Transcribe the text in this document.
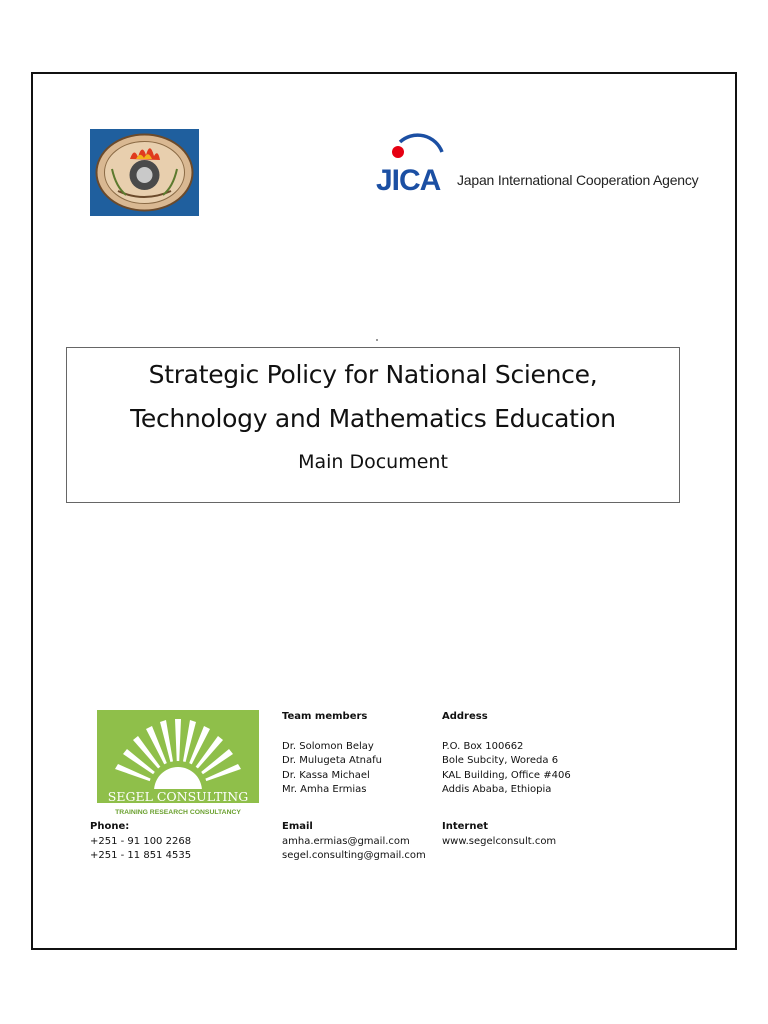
JICA Japan International Cooperation Agency
Strategic Policy for National Science,
Technology and Mathematics Education
Main Document
SEGEL CONSULTING
TRAINING RESEARCH CONSULTANCY
Team members
Dr. Solomon Belay
Dr. Mulugeta Atnafu
Dr. Kassa Michael
Mr. Amha Ermias
Address
P.O. Box 100662
Bole Subcity, Woreda 6
KAL Building, Office #406
Addis Ababa, Ethiopia
Phone:
+251 - 91 100 2268
+251 - 11 851 4535
Email
amha.ermias@gmail.com
segel.consulting@gmail.com
Internet
www.segelconsult.com
